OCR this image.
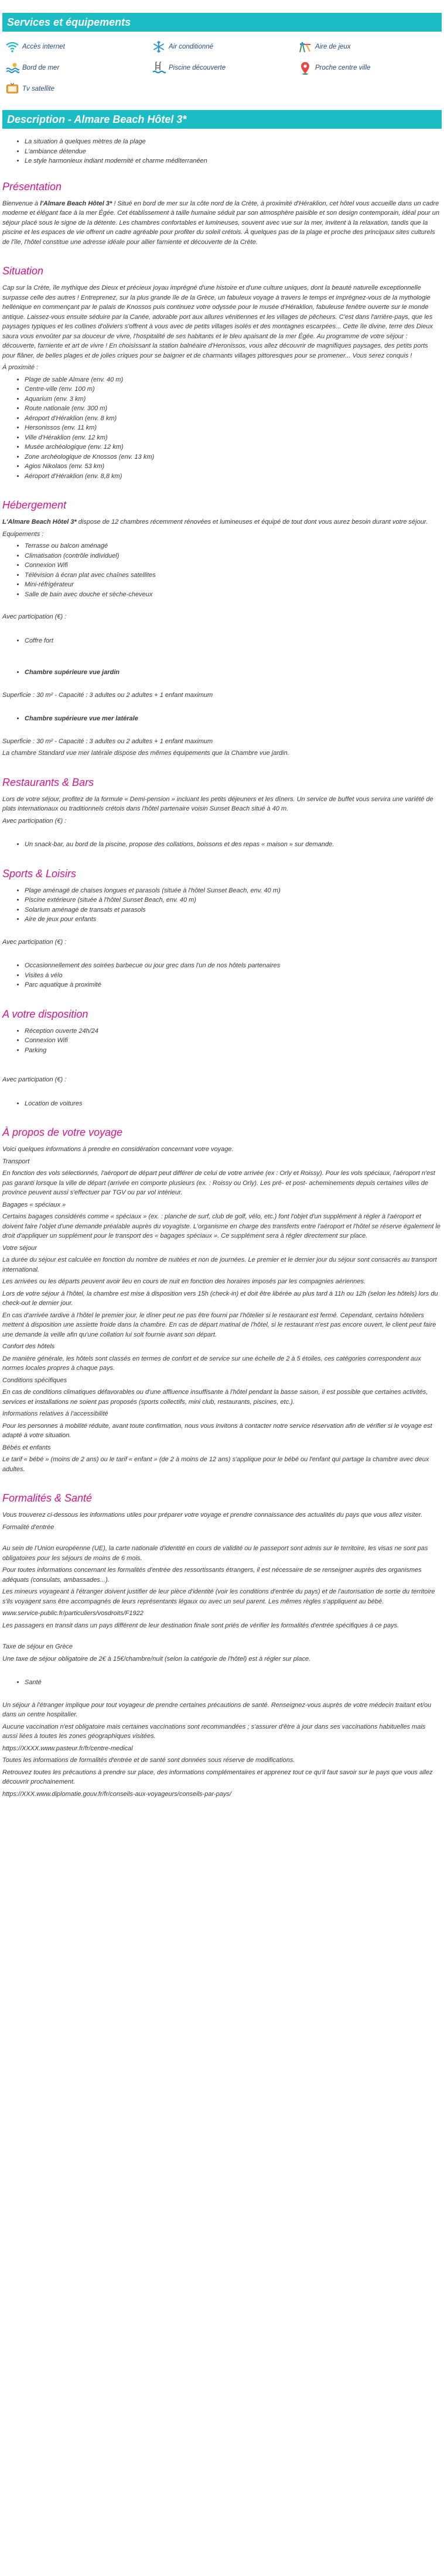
Services et équipements
Accès internet	Air conditionné	Aire de jeux
Bord de mer	Piscine découverte	Proche centre ville
Tv satellite
Description - Almare Beach Hôtel 3*
• La situation à quelques mètres de la plage
• L'ambiance détendue
• Le style harmonieux indiant modernité et charme méditerranéen
Présentation

Bienvenue à l'Almare Beach Hôtel 3* ! Situé en bord de mer sur la côte nord de la Crète, à proximité d'Héraklion, cet hôtel vous accueille dans un cadre moderne et élégant face à la mer Égée. Cet établissement à taille humaine séduit par son atmosphère paisible et son design contemporain, idéal pour un séjour placé sous le signe de la détente. Les chambres confortables et lumineuses, souvent avec vue sur la mer, invitent à la relaxation, tandis que la piscine et les espaces de vie offrent un cadre agréable pour profiter du soleil crétois. À quelques pas de la plage et proche des principaux sites culturels de l'île, l'hôtel constitue une adresse idéale pour allier farniente et découverte de la Crète.

Situation

Cap sur la Crète, île mythique des Dieux et précieux joyau imprégné d'une histoire et d'une culture uniques, dont la beauté naturelle exceptionnelle surpasse celle des autres ! Entreprenez, sur la plus grande île de la Grèce, un fabuleux voyage à travers le temps et imprégnez-vous de la mythologie hellénique en commençant par le palais de Knossos puis continuez votre odyssée pour le musée d'Héraklion, fabuleuse fenêtre ouverte sur le monde antique. Laissez-vous ensuite séduire par la Canée, adorable port aux allures vénitiennes et les villages de pêcheurs. C'est dans l'arrière-pays, que les paysages typiques et les collines d'oliviers s'offrent à vous avec de petits villages isolés et des montagnes escarpées... Cette île divine, terre des Dieux saura vous envoûter par sa douceur de vivre, l'hospitalité de ses habitants et le bleu apaisant de la mer Égée. Au programme de votre séjour : découverte, farniente et art de vivre ! En choisissant la station balnéaire d'Heronissos, vous allez découvrir de magnifiques paysages, des petits ports pour flâner, de belles plages et de jolies criques pour se baigner et de charmants villages pittoresques pour se promener... Vous serez conquis !

À proximité :

• Plage de sable Almare (env. 40 m)
• Centre-ville (env. 100 m)
• Aquarium (env. 3 km)
• Route nationale (env. 300 m)
• Aéroport d'Héraklion (env. 8 km)
• Hersonissos (env. 11 km)
• Ville d'Héraklion (env. 12 km)
• Musée archéologique (env. 12 km)
• Zone archéologique de Knossos (env. 13 km)
• Agios Nikolaos (env. 53 km)
• Aéroport d'Héraklion (env. 8,8 km)
Hébergement

L'Almare Beach Hôtel 3* dispose de 12 chambres récemment rénovées et lumineuses et équipé de tout dont vous aurez besoin durant votre séjour.

Equipements :

• Terrasse ou balcon aménagé
• Climatisation (contrôle individuel)
• Connexion Wifi
• Télévision à écran plat avec chaînes satellites
• Mini-réfrigérateur
• Salle de bain avec douche et sèche-cheveux

Avec participation (€) :

• Coffre fort
• Chambre supérieure vue jardin

Superficie : 30 m² - Capacité : 3 adultes ou 2 adultes + 1 enfant maximum

• Chambre supérieure vue mer latérale

Superficie : 30 m² - Capacité : 3 adultes ou 2 adultes + 1 enfant maximum

La chambre Standard vue mer latérale dispose des mêmes équipements que la Chambre vue jardin.

Restaurants & Bars

Lors de votre séjour, profitez de la formule « Demi-pension » incluant les petits déjeuners et les dîners. Un service de buffet vous servira une variété de plats internationaux ou traditionnels crétois dans l'hôtel partenaire voisin Sunset Beach situé à 40 m.

Avec participation (€) :

• Un snack-bar, au bord de la piscine, propose des collations, boissons et des repas « maison » sur demande.
Sports & Loisirs
• Plage aménagé de chaises longues et parasols (située à l'hôtel Sunset Beach, env. 40 m)
• Piscine extérieure (située à l'hôtel Sunset Beach, env. 40 m)
• Solarium aménagé de transats et parasols
• Aire de jeux pour enfants

Avec participation (€) :

• Occasionnellement des soirées barbecue ou jour grec dans l'un de nos hôtels partenaires
• Visites à vélo
• Parc aquatique à proximité
A votre disposition
• Réception ouverte 24h/24
• Connexion Wifi
• Parking

Avec participation (€) :

• Location de voitures
À propos de votre voyage

Voici quelques informations à prendre en considération concernant votre voyage.

Transport

En fonction des vols sélectionnés, l'aéroport de départ peut différer de celui de votre arrivée (ex : Orly et Roissy). Pour les vols spéciaux, l'aéroport n'est pas garanti lorsque la ville de départ (arrivée en comporte plusieurs (ex. : Roissy ou Orly). Les pré- et post- acheminements depuis certaines villes de province peuvent aussi s'effectuer par TGV ou par vol intérieur.

Bagages « spéciaux »

Certains bagages considérés comme « spéciaux » (ex. : planche de surf, club de golf, vélo, etc.) font l'objet d'un supplément à régler à l'aéroport et doivent faire l'objet d'une demande préalable auprès du voyagiste. L'organisme en charge des transferts entre l'aéroport et l'hôtel se réserve également le droit d'appliquer un supplément pour le transport des « bagages spéciaux ». Ce supplément sera à régler directement sur place.

Votre séjour

La durée du séjour est calculée en fonction du nombre de nuitées et non de journées. Le premier et le dernier jour du séjour sont consacrés au transport international.

Les arrivées ou les départs peuvent avoir lieu en cours de nuit en fonction des horaires imposés par les compagnies aériennes.

Lors de votre séjour à l'hôtel, la chambre est mise à disposition vers 15h (check-in) et doit être libérée au plus tard à 11h ou 12h (selon les hôtels) lors du check-out le dernier jour.

En cas d'arrivée tardive à l'hôtel le premier jour, le dîner peut ne pas être fourni par l'hôtelier si le restaurant est fermé. Cependant, certains hôteliers mettent à disposition une assiette froide dans la chambre. En cas de départ matinal de l'hôtel, si le restaurant n'est pas encore ouvert, le client peut faire une demande la veille afin qu'une collation lui soit fournie avant son départ.

Confort des hôtels

De manière générale, les hôtels sont classés en termes de confort et de service sur une échelle de 2 à 5 étoiles, ces catégories correspondent aux normes locales propres à chaque pays.

Conditions spécifiques

En cas de conditions climatiques défavorables ou d'une affluence insuffisante à l'hôtel pendant la basse saison, il est possible que certaines activités, services et installations ne soient pas proposés (sports collectifs, mini club, restaurants, piscines, etc.).

Informations relatives à l'accessibilité

Pour les personnes à mobilité réduite, avant toute confirmation, nous vous invitons à contacter notre service réservation afin de vérifier si le voyage est adapté à votre situation.

Bébés et enfants

Le tarif « bébé » (moins de 2 ans) ou le tarif « enfant » (de 2 à moins de 12 ans) s'applique pour le bébé ou l'enfant qui partage la chambre avec deux adultes.

Formalités & Santé

Vous trouverez ci-dessous les informations utiles pour préparer votre voyage et prendre connaissance des actualités du pays que vous allez visiter.

Formalité d'entrée

Au sein de l'Union européenne (UE), la carte nationale d'identité en cours de validité ou le passeport sont admis sur le territoire, les visas ne sont pas obligatoires pour les séjours de moins de 6 mois.

Pour toutes informations concernant les formalités d'entrée des ressortissants étrangers, il est nécessaire de se renseigner auprès des organismes adéquats (consulats, ambassades...).

Les mineurs voyageant à l'étranger doivent justifier de leur pièce d'identité (voir les conditions d'entrée du pays) et de l'autorisation de sortie du territoire s'ils voyagent sans être accompagnés de leurs représentants légaux ou avec un seul parent. Les mêmes règles s'appliquent au bébé.

www.service-public.fr/particuliers/vosdroits/F1922

Les passagers en transit dans un pays différent de leur destination finale sont priés de vérifier les formalités d'entrée spécifiques à ce pays.

Taxe de séjour en Grèce

Une taxe de séjour obligatoire de 2€ à 15€/chambre/nuit (selon la catégorie de l'hôtel) est à régler sur place.

• Santé

Un séjour à l'étranger implique pour tout voyageur de prendre certaines précautions de santé. Renseignez-vous auprès de votre médecin traitant et/ou dans un centre hospitalier.

Aucune vaccination n'est obligatoire mais certaines vaccinations sont recommandées ; s'assurer d'être à jour dans ses vaccinations habituelles mais aussi liées à toutes les zones géographiques visitées.

https://XXXX.www.pasteur.fr/fr/centre-medical

Toutes les informations de formalités d'entrée et de santé sont données sous réserve de modifications.

Retrouvez toutes les précautions à prendre sur place, des informations complémentaires et apprenez tout ce qu'il faut savoir sur le pays que vous allez découvrir prochainement.

https://XXX.www.diplomatie.gouv.fr/fr/conseils-aux-voyageurs/conseils-par-pays/
